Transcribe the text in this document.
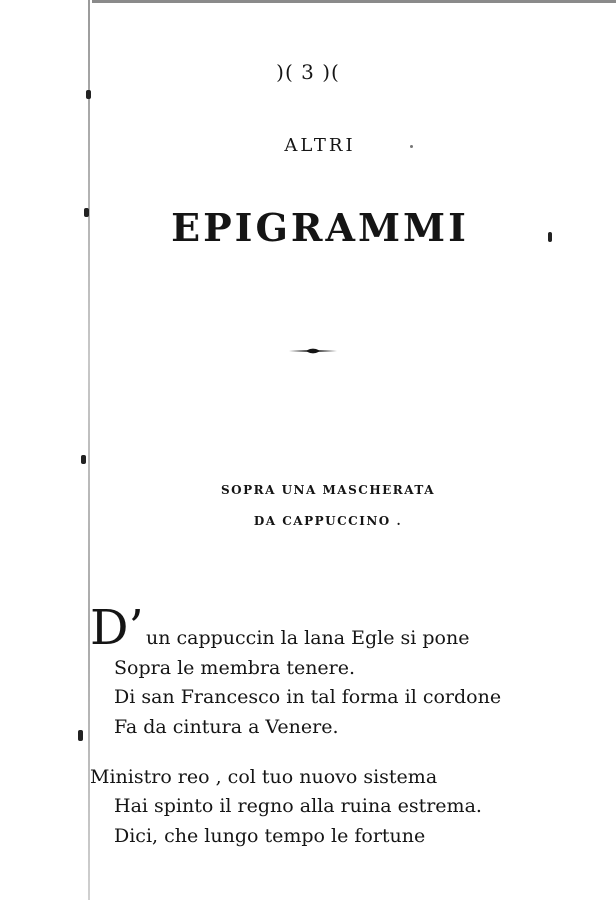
)( 3 )(
ALTRI
EPIGRAMMI
SOPRA UNA MASCHERATA
DA CAPPUCCINO .
D’ un cappuccin la lana Egle si pone
Sopra le membra tenere.
Di san Francesco in tal forma il cordone
Fa da cintura a Venere.
Ministro reo , col tuo nuovo sistema
Hai spinto il regno alla ruina estrema.
Dici, che lungo tempo le fortune
